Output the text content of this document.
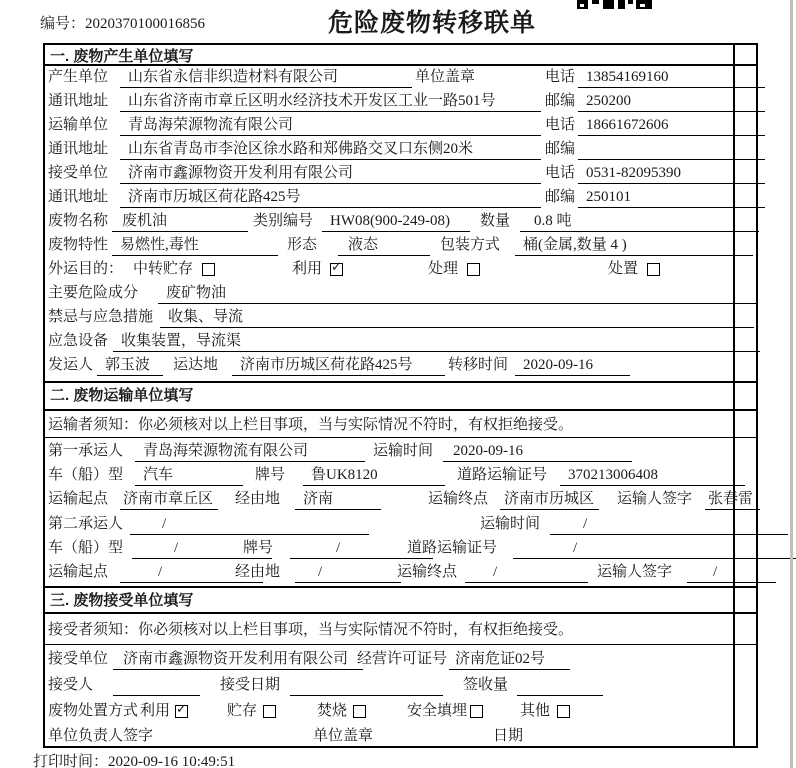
编号：2020370100016856	危险废物转移联单
一. 废物产生单位填写
产生单位	山东省永信非织造材料有限公司	单位盖章	电话 13854169160
通讯地址	山东省济南市章丘区明水经济技术开发区工业一路501号	邮编 250200
运输单位	青岛海荣源物流有限公司	电话 18661672606
通讯地址	山东省青岛市李沧区徐水路和郑佛路交叉口东侧20米	邮编
接受单位	济南市鑫源物资开发利用有限公司	电话 0531-82095390
通讯地址	济南市历城区荷花路425号	邮编 250101
废物名称 废机油	类别编号	HW08(900-249-08)	数量	0.8 吨
废物特性 易燃性,毒性	形态	液态	包装方式	桶(金属,数量 4 )
外运目的： 中转贮存	利用 ✓	处理	处置
主要危险成分	废矿物油
禁忌与应急措施 收集、导流
应急设备 收集装置，导流渠
发运人 郭玉波	运达地	济南市历城区荷花路425号	转移时间 2020-09-16
二. 废物运输单位填写
运输者须知：你必须核对以上栏目事项，当与实际情况不符时，有权拒绝接受。
第一承运人	青岛海荣源物流有限公司	运输时间	2020-09-16
车（船）型	汽车	牌号	鲁UK8120	道路运输证号	370213006408
运输起点 济南市章丘区	经由地	济南	运输终点 济南市历城区	运输人签字 张春雷
第二承运人	/	运输时间	/
车（船）型	/	牌号	/	道路运输证号	/
运输起点	/	经由地	/	运输终点	/	运输人签字	/
三. 废物接受单位填写
接受者须知：你必须核对以上栏目事项，当与实际情况不符时，有权拒绝接受。
接受单位 济南市鑫源物资开发利用有限公司 经营许可证号 济南危证02号
接受人	接受日期	签收量
废物处置方式 利用 ✓	贮存	焚烧	安全填埋	其他
单位负责人签字	单位盖章	日期
打印时间：2020-09-16 10:49:51
